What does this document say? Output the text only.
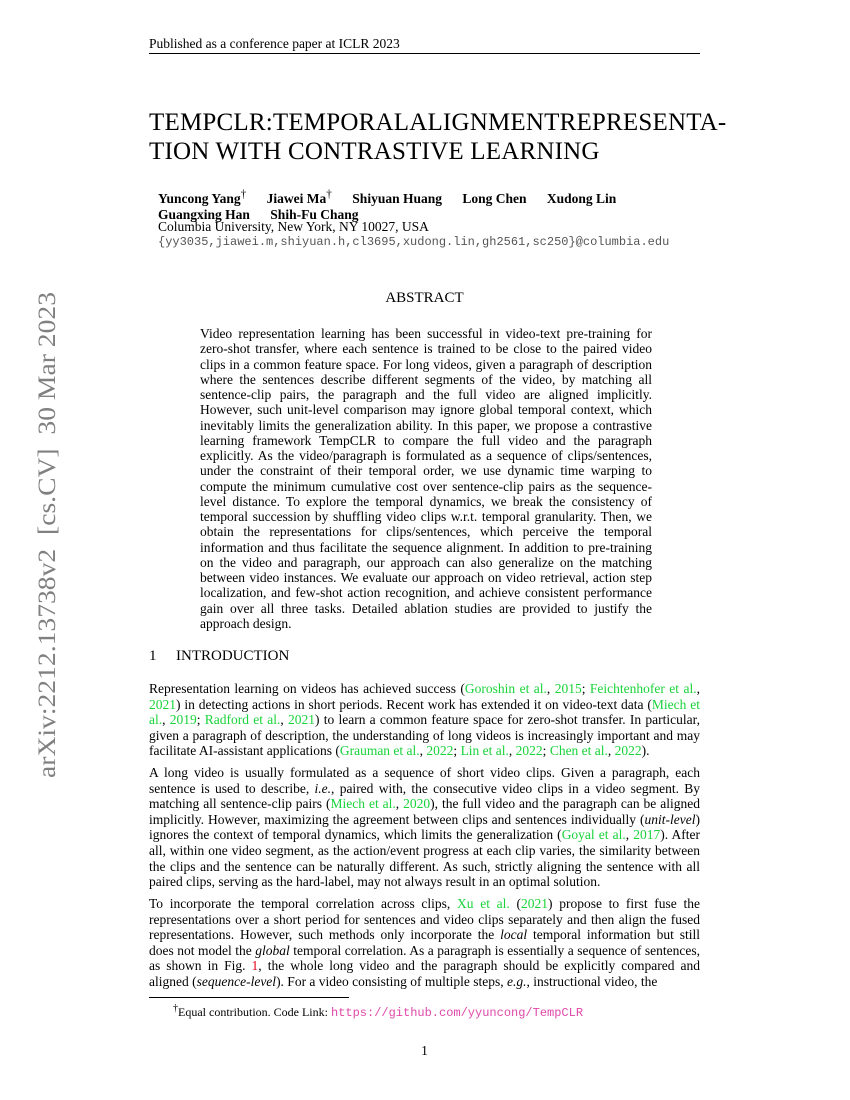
Published as a conference paper at ICLR 2023
TEMPCLR: TEMPORAL ALIGNMENT REPRESENTA-
TION WITH CONTRASTIVE LEARNING
Yuncong Yang† Jiawei Ma† Shiyuan Huang Long Chen Xudong Lin
Guangxing Han Shih-Fu Chang
Columbia University, New York, NY 10027, USA
{yy3035,jiawei.m,shiyuan.h,cl3695,xudong.lin,gh2561,sc250}@columbia.edu
arXiv:2212.13738v2  [cs.CV]  30 Mar 2023
ABSTRACT
Video representation learning has been successful in video-text pre-training for zero-shot transfer, where each sentence is trained to be close to the paired video clips in a common feature space. For long videos, given a paragraph of description where the sentences describe different segments of the video, by matching all sentence-clip pairs, the paragraph and the full video are aligned implicitly. However, such unit-level comparison may ignore global temporal context, which inevitably limits the generalization ability. In this paper, we propose a contrastive learning framework TempCLR to compare the full video and the paragraph explicitly. As the video/paragraph is formulated as a sequence of clips/sentences, under the constraint of their temporal order, we use dynamic time warping to compute the minimum cumulative cost over sentence-clip pairs as the sequence-level distance. To explore the temporal dynamics, we break the consistency of temporal succession by shuffling video clips w.r.t. temporal granularity. Then, we obtain the representations for clips/sentences, which perceive the temporal information and thus facilitate the sequence alignment. In addition to pre-training on the video and paragraph, our approach can also generalize on the matching between video instances. We evaluate our approach on video retrieval, action step localization, and few-shot action recognition, and achieve consistent performance gain over all three tasks. Detailed ablation studies are provided to justify the approach design.
1 INTRODUCTION
Representation learning on videos has achieved success (Goroshin et al., 2015; Feichtenhofer et al., 2021) in detecting actions in short periods. Recent work has extended it on video-text data (Miech et al., 2019; Radford et al., 2021) to learn a common feature space for zero-shot transfer. In particular, given a paragraph of description, the understanding of long videos is increasingly important and may facilitate AI-assistant applications (Grauman et al., 2022; Lin et al., 2022; Chen et al., 2022).
A long video is usually formulated as a sequence of short video clips. Given a paragraph, each sentence is used to describe, i.e., paired with, the consecutive video clips in a video segment. By matching all sentence-clip pairs (Miech et al., 2020), the full video and the paragraph can be aligned implicitly. However, maximizing the agreement between clips and sentences individually (unit-level) ignores the context of temporal dynamics, which limits the generalization (Goyal et al., 2017). After all, within one video segment, as the action/event progress at each clip varies, the similarity between the clips and the sentence can be naturally different. As such, strictly aligning the sentence with all paired clips, serving as the hard-label, may not always result in an optimal solution.
To incorporate the temporal correlation across clips, Xu et al. (2021) propose to first fuse the representations over a short period for sentences and video clips separately and then align the fused representations. However, such methods only incorporate the local temporal information but still does not model the global temporal correlation. As a paragraph is essentially a sequence of sentences, as shown in Fig. 1, the whole long video and the paragraph should be explicitly compared and aligned (sequence-level). For a video consisting of multiple steps, e.g., instructional video, the
†Equal contribution. Code Link: https://github.com/yyuncong/TempCLR
1
